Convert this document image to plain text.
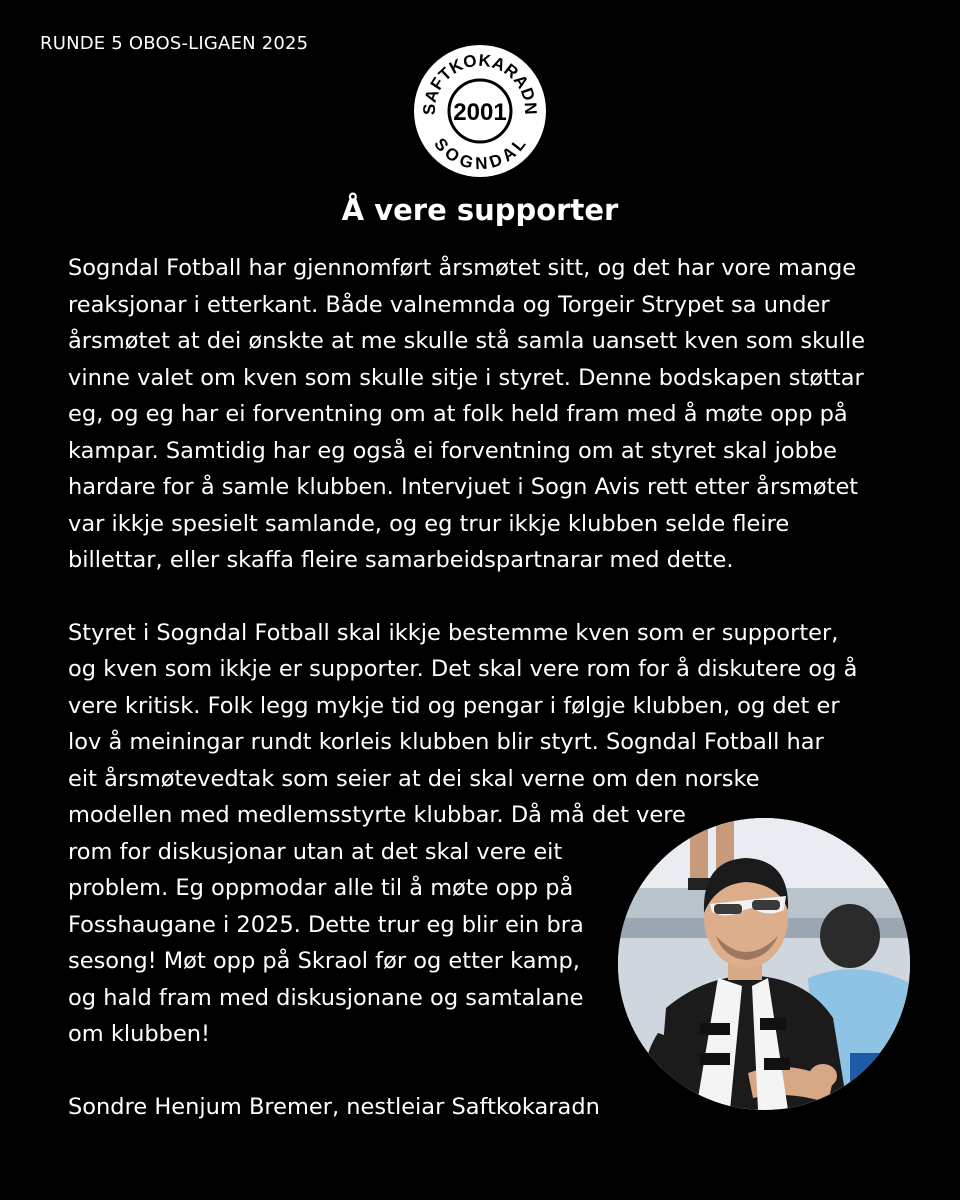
RUNDE 5 OBOS-LIGAEN 2025
SAFTKOKARADN
SOGNDAL
2001
Å vere supporter

Sogndal Fotball har gjennomført årsmøtet sitt, og det har vore mange
reaksjonar i etterkant. Både valnemnda og Torgeir Strypet sa under
årsmøtet at dei ønskte at me skulle stå samla uansett kven som skulle
vinne valet om kven som skulle sitje i styret. Denne bodskapen støttar
eg, og eg har ei forventning om at folk held fram med å møte opp på
kampar. Samtidig har eg også ei forventning om at styret skal jobbe
hardare for å samle klubben. Intervjuet i Sogn Avis rett etter årsmøtet
var ikkje spesielt samlande, og eg trur ikkje klubben selde fleire
billettar, eller skaffa fleire samarbeidspartnarar med dette.

Styret i Sogndal Fotball skal ikkje bestemme kven som er supporter,
og kven som ikkje er supporter. Det skal vere rom for å diskutere og å
vere kritisk. Folk legg mykje tid og pengar i følgje klubben, og det er
lov å meiningar rundt korleis klubben blir styrt. Sogndal Fotball har
eit årsmøtevedtak som seier at dei skal verne om den norske
modellen med medlemsstyrte klubbar. Då må det vere
rom for diskusjonar utan at det skal vere eit
problem. Eg oppmodar alle til å møte opp på
Fosshaugane i 2025. Dette trur eg blir ein bra
sesong! Møt opp på Skraol før og etter kamp,
og hald fram med diskusjonane og samtalane
om klubben!

Sondre Henjum Bremer, nestleiar Saftkokaradn
